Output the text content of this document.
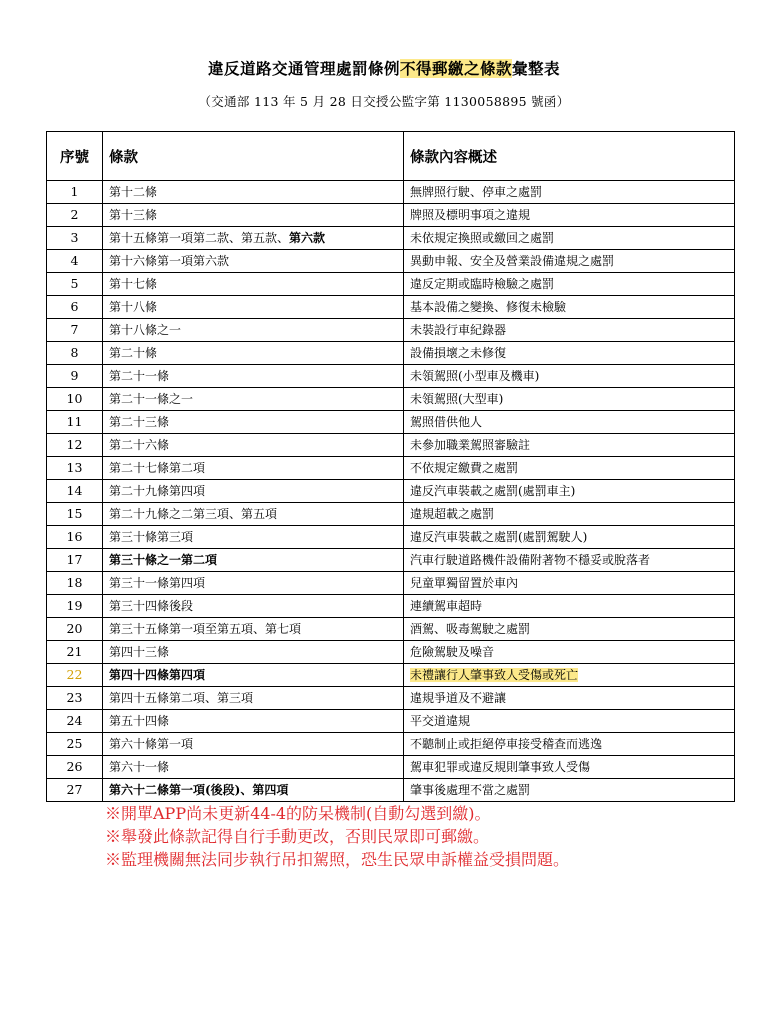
違反道路交通管理處罰條例不得郵繳之條款彙整表
（交通部 113 年 5 月 28 日交授公監字第 1130058895 號函）
序號	條款	條款內容概述
1	第十二條	無牌照行駛、停車之處罰
2	第十三條	牌照及標明事項之違規
3	第十五條第一項第二款、第五款、第六款	未依規定換照或繳回之處罰
4	第十六條第一項第六款	異動申報、安全及營業設備違規之處罰
5	第十七條	違反定期或臨時檢驗之處罰
6	第十八條	基本設備之變換、修復未檢驗
7	第十八條之一	未裝設行車紀錄器
8	第二十條	設備損壞之未修復
9	第二十一條	未領駕照(小型車及機車)
10	第二十一條之一	未領駕照(大型車)
11	第二十三條	駕照借供他人
12	第二十六條	未參加職業駕照審驗註
13	第二十七條第二項	不依規定繳費之處罰
14	第二十九條第四項	違反汽車裝載之處罰(處罰車主)
15	第二十九條之二第三項、第五項	違規超載之處罰
16	第三十條第三項	違反汽車裝載之處罰(處罰駕駛人)
17	第三十條之一第二項	汽車行駛道路機件設備附著物不穩妥或脫落者
18	第三十一條第四項	兒童單獨留置於車內
19	第三十四條後段	連續駕車超時
20	第三十五條第一項至第五項、第七項	酒駕、吸毒駕駛之處罰
21	第四十三條	危險駕駛及噪音
22	第四十四條第四項	未禮讓行人肇事致人受傷或死亡
23	第四十五條第二項、第三項	違規爭道及不避讓
24	第五十四條	平交道違規
25	第六十條第一項	不聽制止或拒絕停車接受稽查而逃逸
26	第六十一條	駕車犯罪或違反規則肇事致人受傷
27	第六十二條第一項(後段)、第四項	肇事後處理不當之處罰
※開單APP尚未更新44-4的防呆機制(自動勾選到繳)。
※舉發此條款記得自行手動更改，否則民眾即可郵繳。
※監理機關無法同步執行吊扣駕照，恐生民眾申訴權益受損問題。
